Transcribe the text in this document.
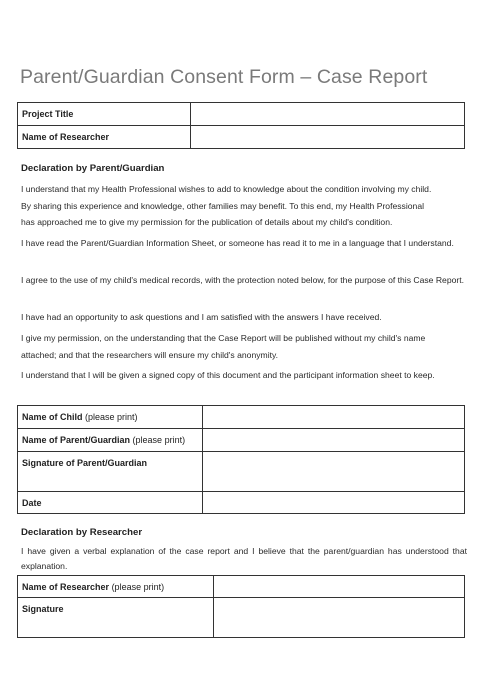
Parent/Guardian Consent Form – Case Report
Project Title	
Name of Researcher	
Declaration by Parent/Guardian
I understand that my Health Professional wishes to add to knowledge about the condition involving my child.
By sharing this experience and knowledge, other families may benefit. To this end, my Health Professional
has approached me to give my permission for the publication of details about my child's condition.
I have read the Parent/Guardian Information Sheet, or someone has read it to me in a language that I understand.
I agree to the use of my child's medical records, with the protection noted below, for the purpose of this Case Report.
I have had an opportunity to ask questions and I am satisfied with the answers I have received.
I give my permission, on the understanding that the Case Report will be published without my child's name
attached; and that the researchers will ensure my child's anonymity.
I understand that I will be given a signed copy of this document and the participant information sheet to keep.
Name of Child (please print)	
Name of Parent/Guardian (please print)	
Signature of Parent/Guardian	
Date	
Declaration by Researcher
I have given a verbal explanation of the case report and I believe that the parent/guardian has understood that explanation.
Name of Researcher (please print)	
Signature	
